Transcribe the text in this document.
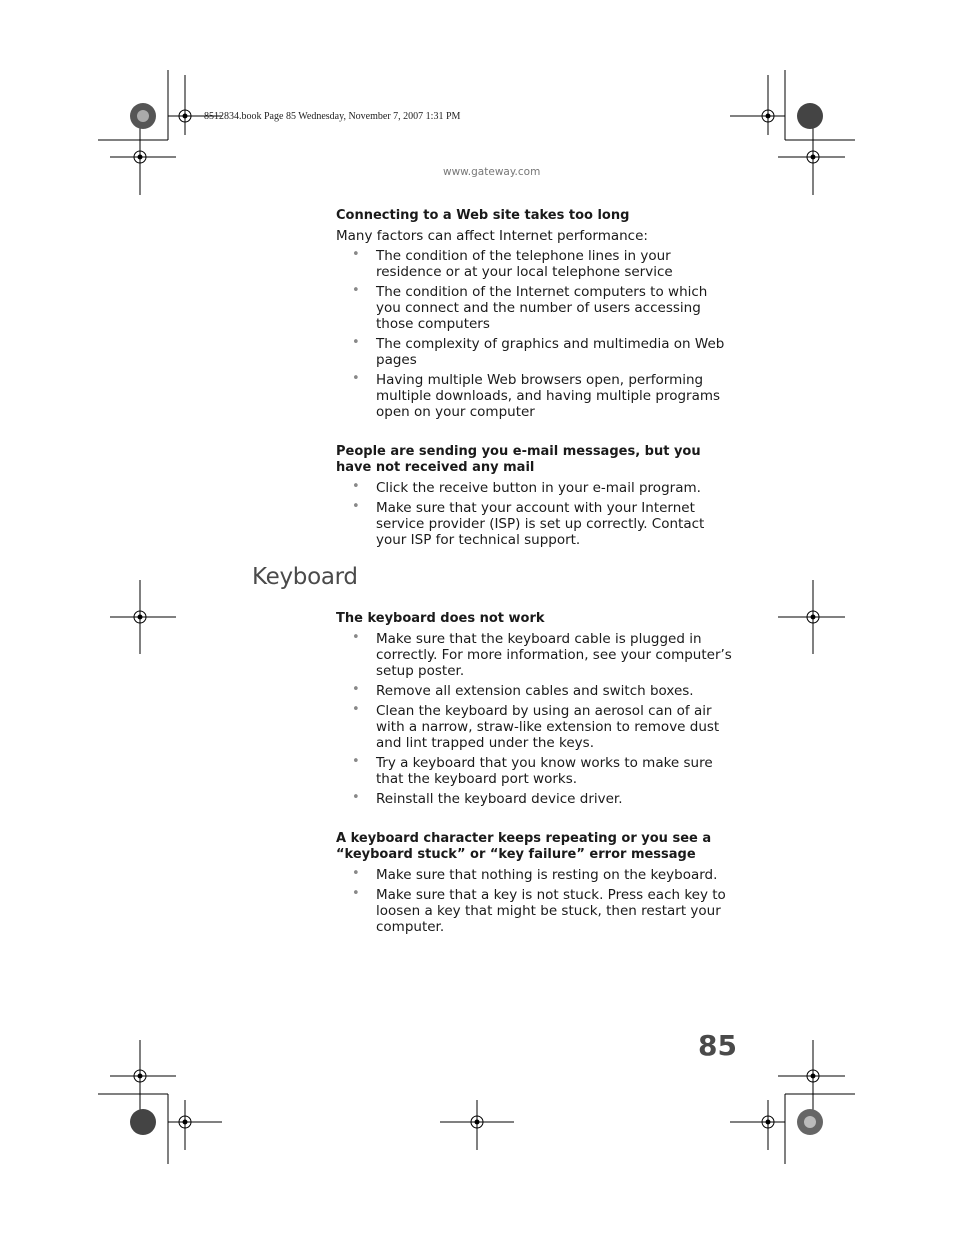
8512834.book Page 85 Wednesday, November 7, 2007 1:31 PM
www.gateway.com
Connecting to a Web site takes too long
Many factors can affect Internet performance:
• The condition of the telephone lines in your residence or at your local telephone service
• The condition of the Internet computers to which you connect and the number of users accessing those computers
• The complexity of graphics and multimedia on Web pages
• Having multiple Web browsers open, performing multiple downloads, and having multiple programs open on your computer
People are sending you e-mail messages, but you have not received any mail
• Click the receive button in your e-mail program.
• Make sure that your account with your Internet service provider (ISP) is set up correctly. Contact your ISP for technical support.
Keyboard
The keyboard does not work
• Make sure that the keyboard cable is plugged in correctly. For more information, see your computer’s setup poster.
• Remove all extension cables and switch boxes.
• Clean the keyboard by using an aerosol can of air with a narrow, straw-like extension to remove dust and lint trapped under the keys.
• Try a keyboard that you know works to make sure that the keyboard port works.
• Reinstall the keyboard device driver.
A keyboard character keeps repeating or you see a “keyboard stuck” or “key failure” error message
• Make sure that nothing is resting on the keyboard.
• Make sure that a key is not stuck. Press each key to loosen a key that might be stuck, then restart your computer.
85
